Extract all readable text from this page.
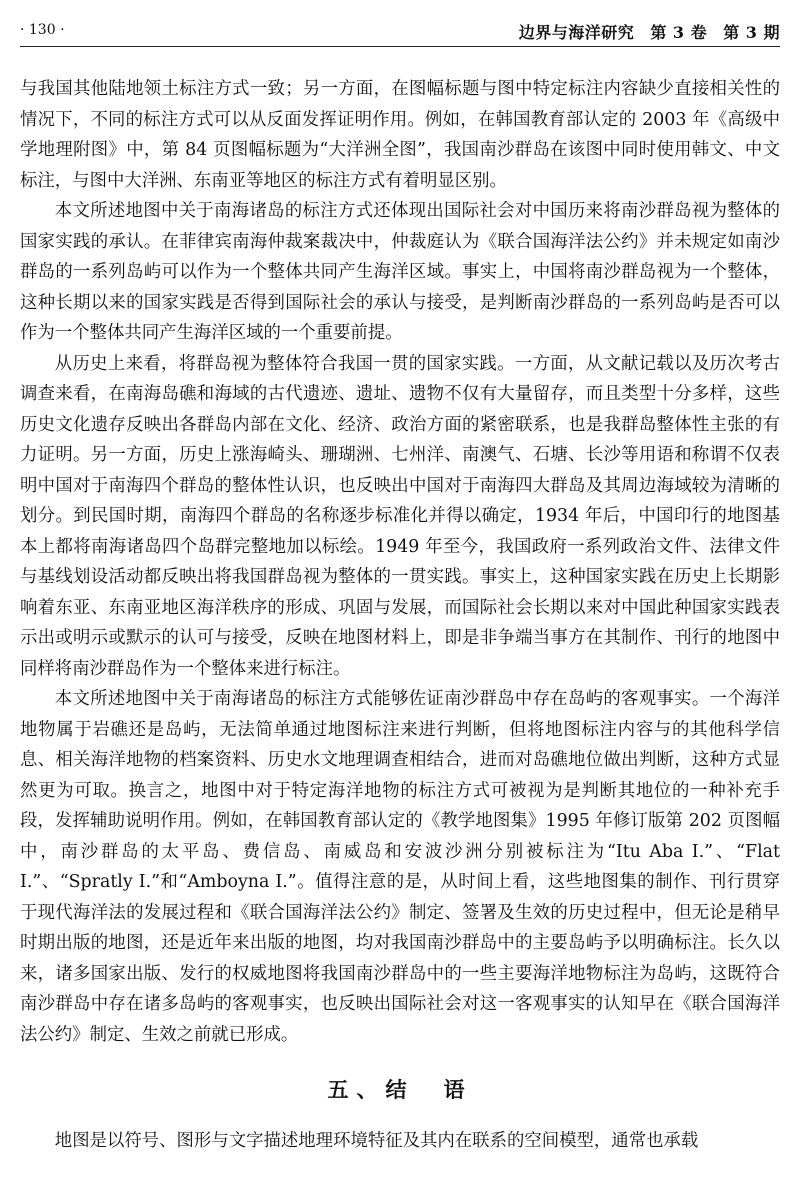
· 130 ·	边界与海洋研究 第 3 卷 第 3 期

与我国其他陆地领土标注方式一致；另一方面，在图幅标题与图中特定标注内容缺少直接相关性的情况下，不同的标注方式可以从反面发挥证明作用。例如，在韩国教育部认定的 2003 年《高级中学地理附图》中，第 84 页图幅标题为“大洋洲全图”，我国南沙群岛在该图中同时使用韩文、中文标注，与图中大洋洲、东南亚等地区的标注方式有着明显区别。

本文所述地图中关于南海诸岛的标注方式还体现出国际社会对中国历来将南沙群岛视为整体的国家实践的承认。在菲律宾南海仲裁案裁决中，仲裁庭认为《联合国海洋法公约》并未规定如南沙群岛的一系列岛屿可以作为一个整体共同产生海洋区域。事实上，中国将南沙群岛视为一个整体，这种长期以来的国家实践是否得到国际社会的承认与接受，是判断南沙群岛的一系列岛屿是否可以作为一个整体共同产生海洋区域的一个重要前提。

从历史上来看，将群岛视为整体符合我国一贯的国家实践。一方面，从文献记载以及历次考古调查来看，在南海岛礁和海域的古代遗迹、遗址、遗物不仅有大量留存，而且类型十分多样，这些历史文化遗存反映出各群岛内部在文化、经济、政治方面的紧密联系，也是我群岛整体性主张的有力证明。另一方面，历史上涨海崎头、珊瑚洲、七州洋、南澳气、石塘、长沙等用语和称谓不仅表明中国对于南海四个群岛的整体性认识，也反映出中国对于南海四大群岛及其周边海域较为清晰的划分。到民国时期，南海四个群岛的名称逐步标准化并得以确定，1934 年后，中国印行的地图基本上都将南海诸岛四个岛群完整地加以标绘。1949 年至今，我国政府一系列政治文件、法律文件与基线划设活动都反映出将我国群岛视为整体的一贯实践。事实上，这种国家实践在历史上长期影响着东亚、东南亚地区海洋秩序的形成、巩固与发展，而国际社会长期以来对中国此种国家实践表示出或明示或默示的认可与接受，反映在地图材料上，即是非争端当事方在其制作、刊行的地图中同样将南沙群岛作为一个整体来进行标注。

本文所述地图中关于南海诸岛的标注方式能够佐证南沙群岛中存在岛屿的客观事实。一个海洋地物属于岩礁还是岛屿，无法简单通过地图标注来进行判断，但将地图标注内容与的其他科学信息、相关海洋地物的档案资料、历史水文地理调查相结合，进而对岛礁地位做出判断，这种方式显然更为可取。换言之，地图中对于特定海洋地物的标注方式可被视为是判断其地位的一种补充手段，发挥辅助说明作用。例如，在韩国教育部认定的《教学地图集》1995 年修订版第 202 页图幅中，南沙群岛的太平岛、费信岛、南威岛和安波沙洲分别被标注为“Itu Aba I.”、“Flat I.”、“Spratly I.”和“Amboyna I.”。值得注意的是，从时间上看，这些地图集的制作、刊行贯穿于现代海洋法的发展过程和《联合国海洋法公约》制定、签署及生效的历史过程中，但无论是稍早时期出版的地图，还是近年来出版的地图，均对我国南沙群岛中的主要岛屿予以明确标注。长久以来，诸多国家出版、发行的权威地图将我国南沙群岛中的一些主要海洋地物标注为岛屿，这既符合南沙群岛中存在诸多岛屿的客观事实，也反映出国际社会对这一客观事实的认知早在《联合国海洋法公约》制定、生效之前就已形成。

五、结　语

地图是以符号、图形与文字描述地理环境特征及其内在联系的空间模型，通常也承载
